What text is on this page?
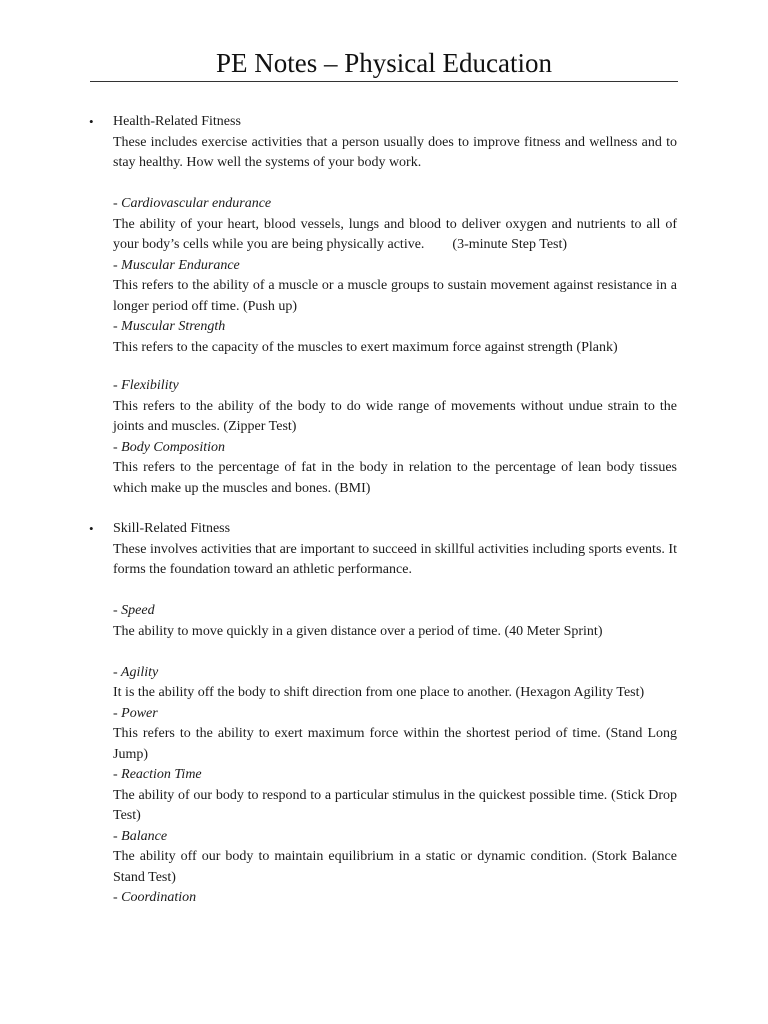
PE Notes – Physical Education
• Health-Related Fitness
These includes exercise activities that a person usually does to improve fitness and wellness and to stay healthy. How well the systems of your body work.
- Cardiovascular endurance
The ability of your heart, blood vessels, lungs and blood to deliver oxygen and nutrients to all of your body’s cells while you are being physically active. (3-minute Step Test)
- Muscular Endurance
This refers to the ability of a muscle or a muscle groups to sustain movement against resistance in a longer period off time. (Push up)
- Muscular Strength
This refers to the capacity of the muscles to exert maximum force against strength (Plank)
- Flexibility
This refers to the ability of the body to do wide range of movements without undue strain to the joints and muscles. (Zipper Test)
- Body Composition
This refers to the percentage of fat in the body in relation to the percentage of lean body tissues which make up the muscles and bones. (BMI)
• Skill-Related Fitness
These involves activities that are important to succeed in skillful activities including sports events. It forms the foundation toward an athletic performance.
- Speed
The ability to move quickly in a given distance over a period of time. (40 Meter Sprint)
- Agility
It is the ability off the body to shift direction from one place to another. (Hexagon Agility Test)
- Power
This refers to the ability to exert maximum force within the shortest period of time. (Stand Long Jump)
- Reaction Time
The ability of our body to respond to a particular stimulus in the quickest possible time. (Stick Drop Test)
- Balance
The ability off our body to maintain equilibrium in a static or dynamic condition. (Stork Balance Stand Test)
- Coordination
